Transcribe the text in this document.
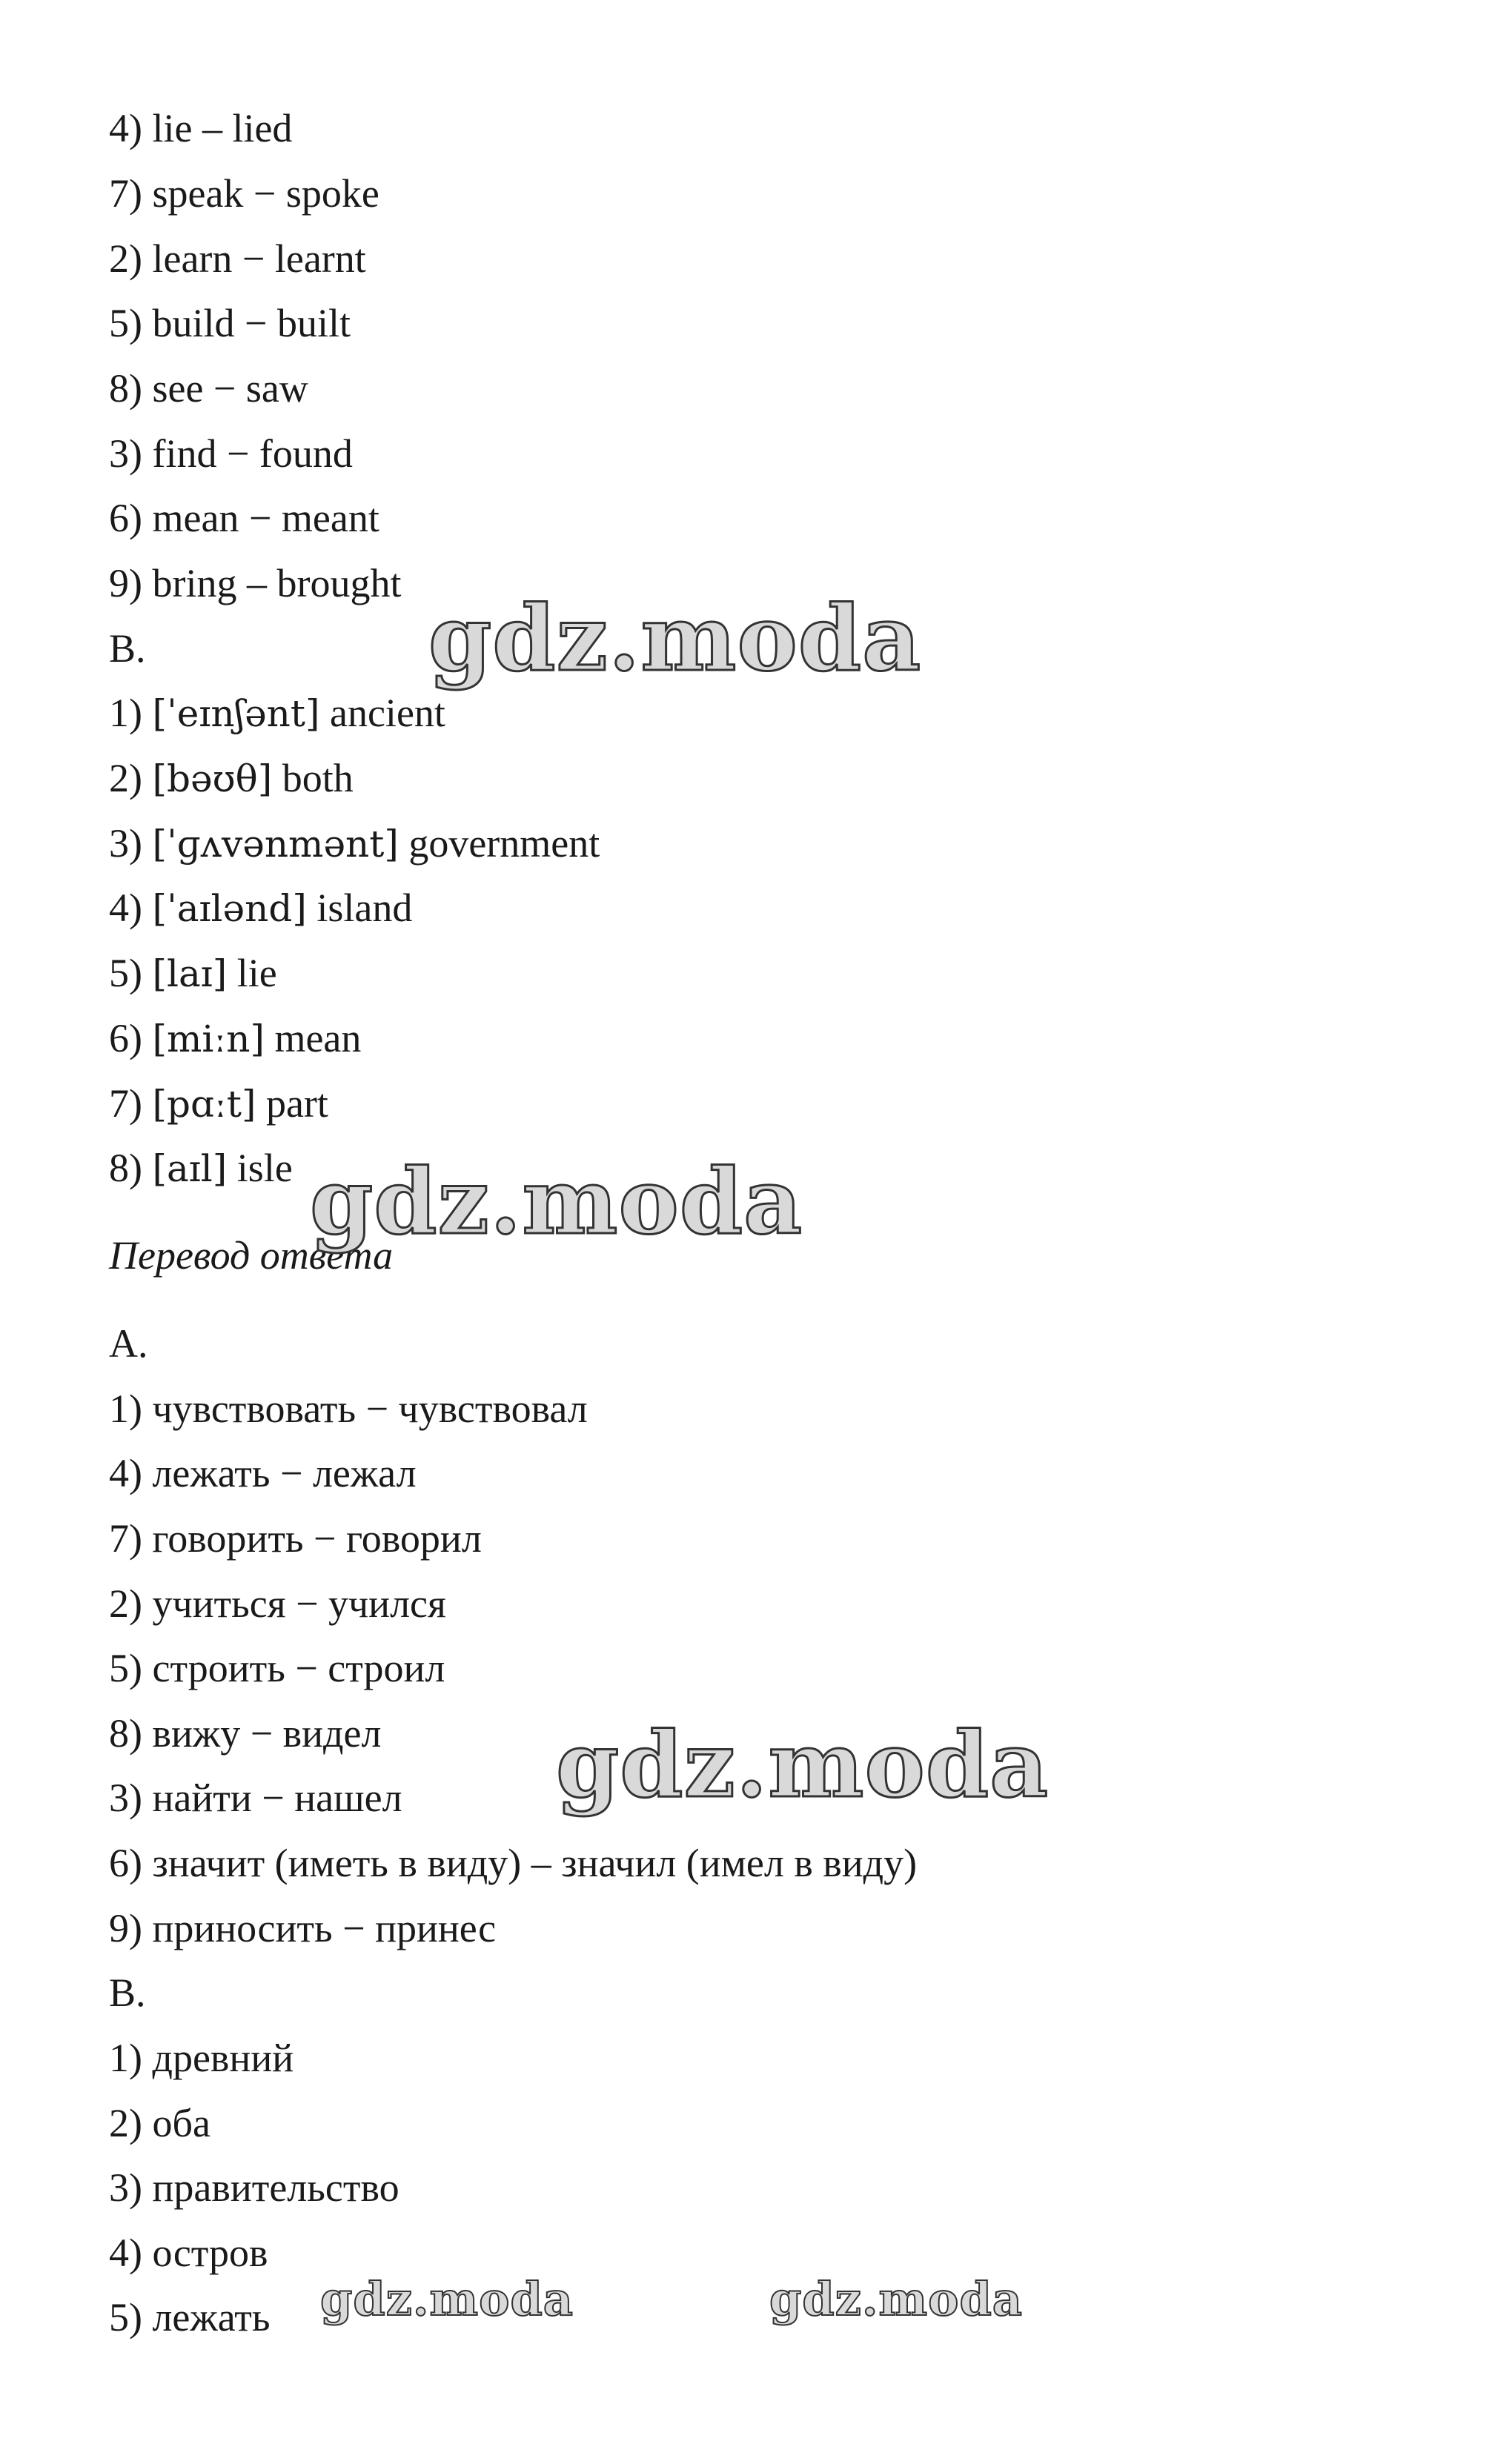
4) lie – lied
7) speak − spoke
2) learn − learnt
5) build − built
8) see − saw
3) find − found
6) mean − meant
9) bring – brought
B.
1) [ˈeɪnʃənt] ancient
2) [bəʊθ] both
3) [ˈɡʌvənmənt] government
4) [ˈaɪlənd] island
5) [laɪ] lie
6) [miːn] mean
7) [pɑːt] part
8) [aɪl] isle
Перевод ответа
A.
1) чувствовать − чувствовал
4) лежать − лежал
7) говорить − говорил
2) учиться − учился
5) строить − строил
8) вижу − видел
3) найти − нашел
6) значит (иметь в виду) – значил (имел в виду)
9) приносить − принес
B.
1) древний
2) оба
3) правительство
4) остров
5) лежать
gdz.moda
gdz.moda
gdz.moda
gdz.moda	gdz.moda
